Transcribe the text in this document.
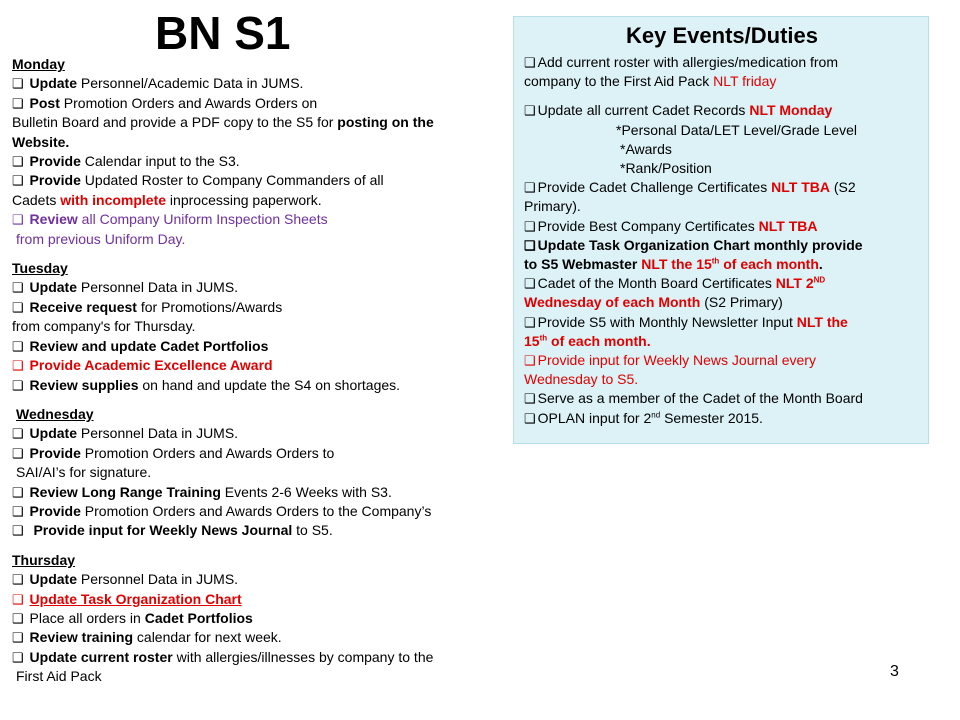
BN S1
Monday
❑ Update Personnel/Academic Data in JUMS.
❑ Post Promotion Orders and Awards Orders on
Bulletin Board and provide a PDF copy to the S5 for posting on the
Website.
❑ Provide Calendar input to the S3.
❑ Provide Updated Roster to Company Commanders of all
Cadets with incomplete inprocessing paperwork.
❑ Review all Company Uniform Inspection Sheets
from previous Uniform Day.
Tuesday
❑ Update Personnel Data in JUMS.
❑ Receive request for Promotions/Awards
from company's for Thursday.
❑ Review and update Cadet Portfolios
❑ Provide Academic Excellence Award
❑ Review supplies on hand and update the S4 on shortages.
Wednesday
❑ Update Personnel Data in JUMS.
❑ Provide Promotion Orders and Awards Orders to
SAI/AI’s for signature.
❑ Review Long Range Training Events 2-6 Weeks with S3.
❑ Provide Promotion Orders and Awards Orders to the Company’s
❑ Provide input for Weekly News Journal to S5.
Thursday
❑ Update Personnel Data in JUMS.
❑ Update Task Organization Chart
❑ Place all orders in Cadet Portfolios
❑ Review training calendar for next week.
❑ Update current roster with allergies/illnesses by company to the
First Aid Pack
Key Events/Duties
❑ Add current roster with allergies/medication from
company to the First Aid Pack NLT friday
❑ Update all current Cadet Records NLT Monday
*Personal Data/LET Level/Grade Level
*Awards
*Rank/Position
❑ Provide Cadet Challenge Certificates NLT TBA (S2
Primary).
❑ Provide Best Company Certificates NLT TBA
❑ Update Task Organization Chart monthly provide
to S5 Webmaster NLT the 15th of each month.
❑ Cadet of the Month Board Certificates NLT 2ND
Wednesday of each Month (S2 Primary)
❑ Provide S5 with Monthly Newsletter Input NLT the
15th of each month.
❑ Provide input for Weekly News Journal every
Wednesday to S5.
❑ Serve as a member of the Cadet of the Month Board
❑ OPLAN input for 2nd Semester 2015.
3
